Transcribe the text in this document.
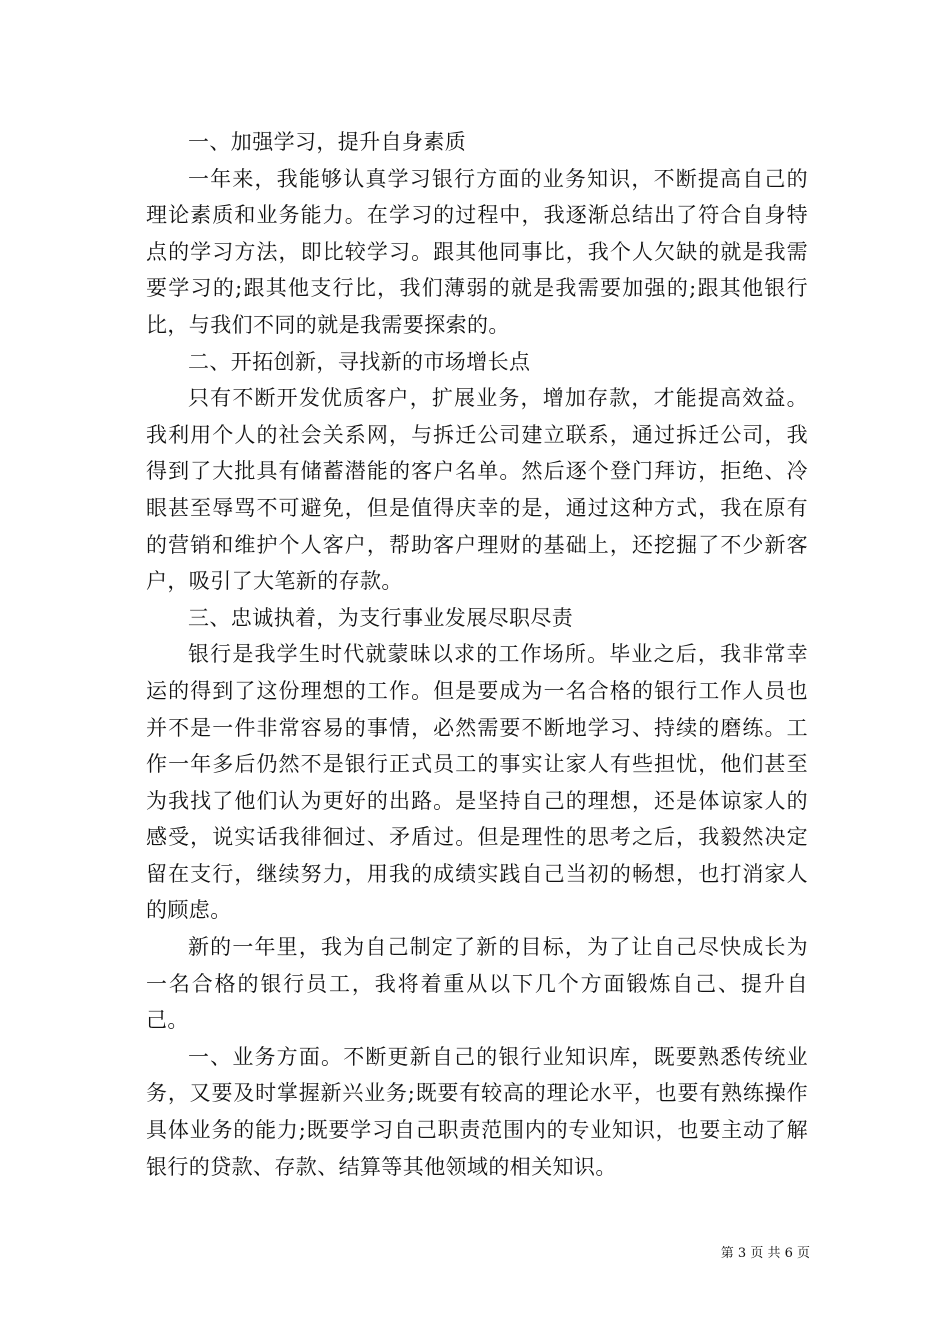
一、加强学习，提升自身素质

一年来，我能够认真学习银行方面的业务知识，不断提高自己的理论素质和业务能力。在学习的过程中，我逐渐总结出了符合自身特点的学习方法，即比较学习。跟其他同事比，我个人欠缺的就是我需要学习的;跟其他支行比，我们薄弱的就是我需要加强的;跟其他银行比，与我们不同的就是我需要探索的。

二、开拓创新，寻找新的市场增长点

只有不断开发优质客户，扩展业务，增加存款，才能提高效益。我利用个人的社会关系网，与拆迁公司建立联系，通过拆迁公司，我得到了大批具有储蓄潜能的客户名单。然后逐个登门拜访，拒绝、冷眼甚至辱骂不可避免，但是值得庆幸的是，通过这种方式，我在原有的营销和维护个人客户，帮助客户理财的基础上，还挖掘了不少新客户，吸引了大笔新的存款。

三、忠诚执着，为支行事业发展尽职尽责

银行是我学生时代就蒙昧以求的工作场所。毕业之后，我非常幸运的得到了这份理想的工作。但是要成为一名合格的银行工作人员也并不是一件非常容易的事情，必然需要不断地学习、持续的磨练。工作一年多后仍然不是银行正式员工的事实让家人有些担忧，他们甚至为我找了他们认为更好的出路。是坚持自己的理想，还是体谅家人的感受，说实话我徘徊过、矛盾过。但是理性的思考之后，我毅然决定留在支行，继续努力，用我的成绩实践自己当初的畅想，也打消家人的顾虑。

新的一年里，我为自己制定了新的目标，为了让自己尽快成长为一名合格的银行员工，我将着重从以下几个方面锻炼自己、提升自己。

一、业务方面。不断更新自己的银行业知识库，既要熟悉传统业务，又要及时掌握新兴业务;既要有较高的理论水平，也要有熟练操作具体业务的能力;既要学习自己职责范围内的专业知识，也要主动了解银行的贷款、存款、结算等其他领域的相关知识。

第 3 页 共 6 页
